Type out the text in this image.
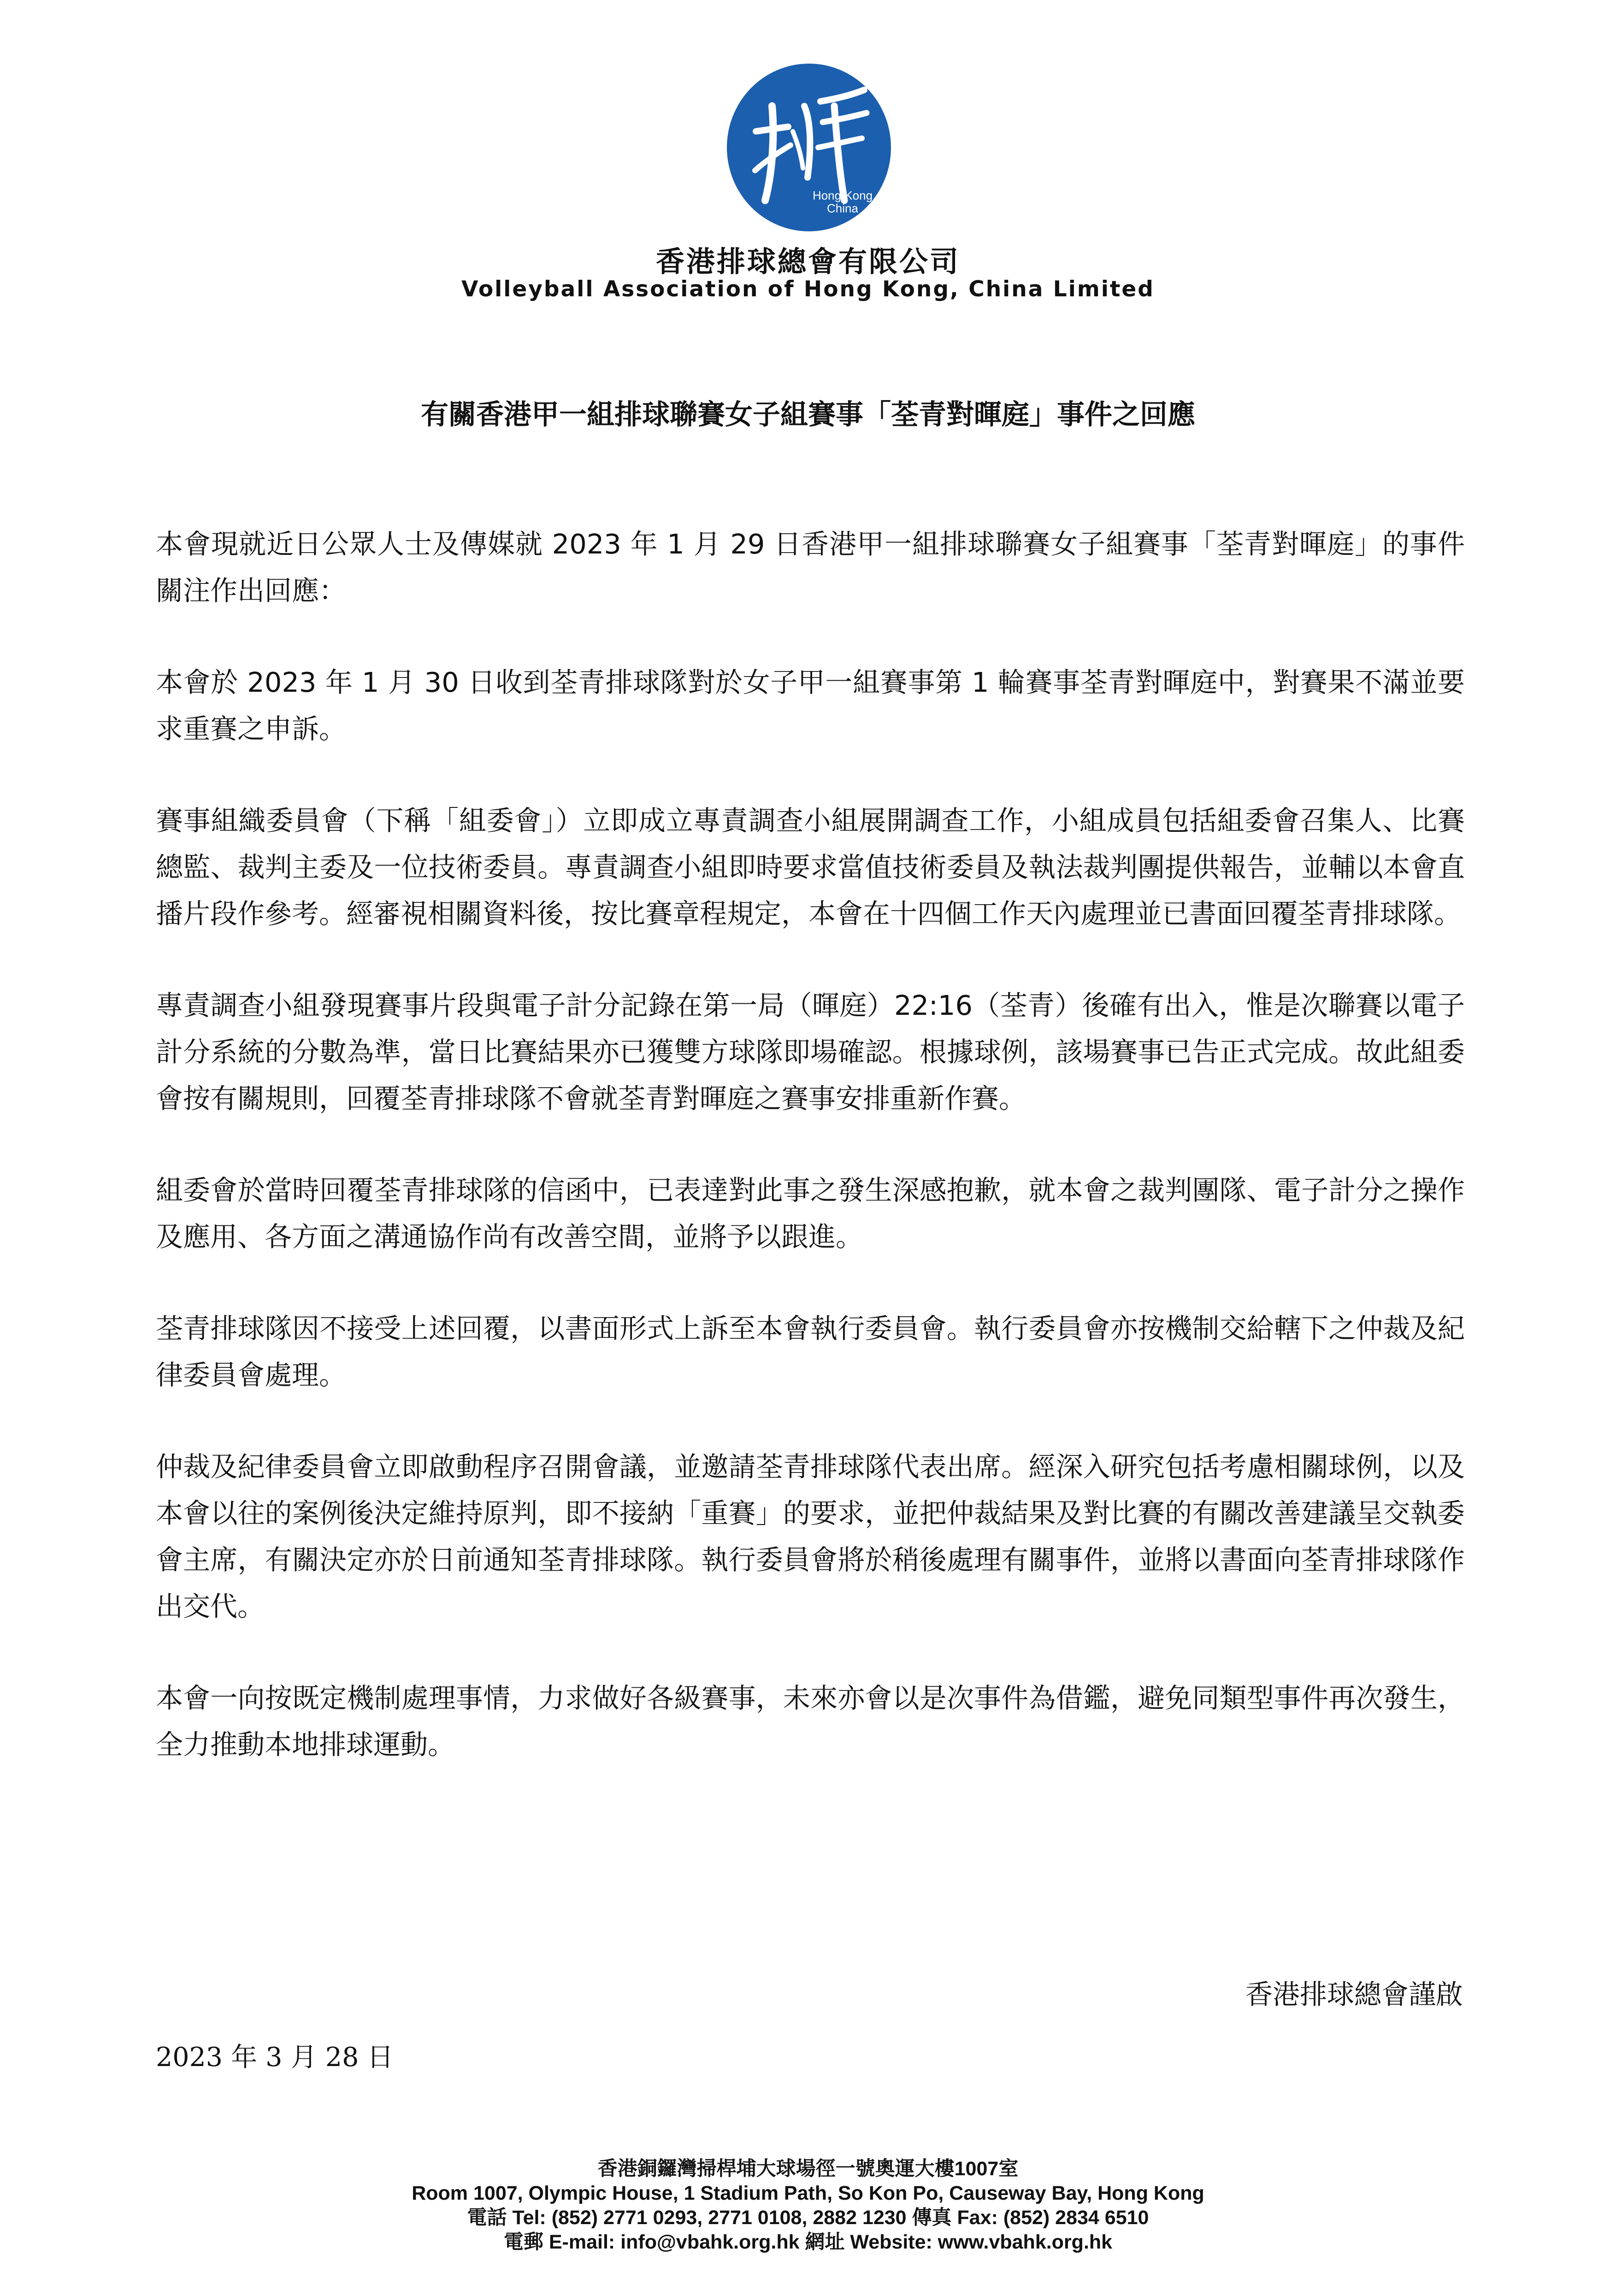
Hong Kong
China
香港排球總會有限公司
Volleyball Association of Hong Kong, China Limited
有關香港甲一組排球聯賽女子組賽事「荃青對暉庭」事件之回應

本會現就近日公眾人士及傳媒就 2023 年 1 月 29 日香港甲一組排球聯賽女子組賽事「荃青對暉庭」的事件關注作出回應：

本會於 2023 年 1 月 30 日收到荃青排球隊對於女子甲一組賽事第 1 輪賽事荃青對暉庭中，對賽果不滿並要求重賽之申訴。

賽事組織委員會（下稱「組委會」）立即成立專責調查小組展開調查工作，小組成員包括組委會召集人、比賽總監、裁判主委及一位技術委員。專責調查小組即時要求當值技術委員及執法裁判團提供報告，並輔以本會直播片段作參考。經審視相關資料後，按比賽章程規定，本會在十四個工作天內處理並已書面回覆荃青排球隊。

專責調查小組發現賽事片段與電子計分記錄在第一局（暉庭）22:16（荃青）後確有出入，惟是次聯賽以電子計分系統的分數為準，當日比賽結果亦已獲雙方球隊即場確認。根據球例，該場賽事已告正式完成。故此組委會按有關規則，回覆荃青排球隊不會就荃青對暉庭之賽事安排重新作賽。

組委會於當時回覆荃青排球隊的信函中，已表達對此事之發生深感抱歉，就本會之裁判團隊、電子計分之操作及應用、各方面之溝通協作尚有改善空間，並將予以跟進。

荃青排球隊因不接受上述回覆，以書面形式上訴至本會執行委員會。執行委員會亦按機制交給轄下之仲裁及紀律委員會處理。

仲裁及紀律委員會立即啟動程序召開會議，並邀請荃青排球隊代表出席。經深入研究包括考慮相關球例，以及本會以往的案例後決定維持原判，即不接納「重賽」的要求，並把仲裁結果及對比賽的有關改善建議呈交執委會主席，有關決定亦於日前通知荃青排球隊。執行委員會將於稍後處理有關事件，並將以書面向荃青排球隊作出交代。

本會一向按既定機制處理事情，力求做好各級賽事，未來亦會以是次事件為借鑑，避免同類型事件再次發生，全力推動本地排球運動。

香港排球總會謹啟
2023 年 3 月 28 日
香港銅鑼灣掃桿埔大球場徑一號奧運大樓1007室
Room 1007, Olympic House, 1 Stadium Path, So Kon Po, Causeway Bay, Hong Kong
電話 Tel: (852) 2771 0293, 2771 0108, 2882 1230 傳真 Fax: (852) 2834 6510
電郵 E-mail: info@vbahk.org.hk 網址 Website: www.vbahk.org.hk
